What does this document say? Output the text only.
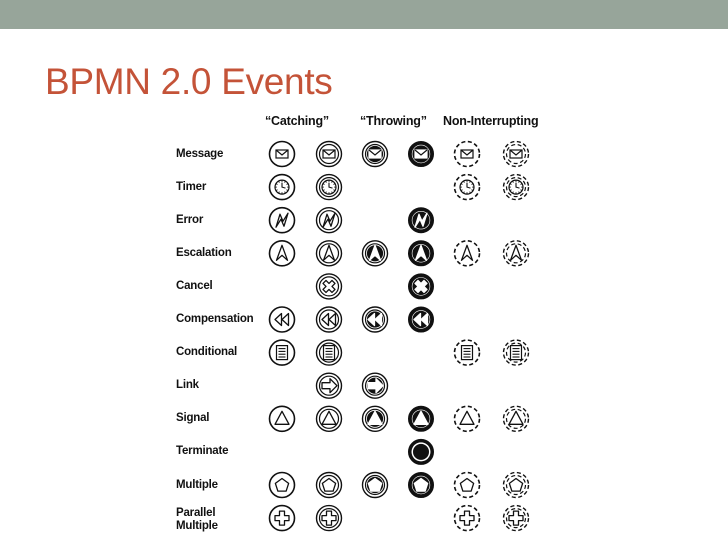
BPMN 2.0 Events
“Catching” “Throwing” Non-Interrupting
Message
Timer
Error
Escalation
Cancel
Compensation
Conditional
Link
Signal
Terminate
Multiple
Parallel
Multiple
